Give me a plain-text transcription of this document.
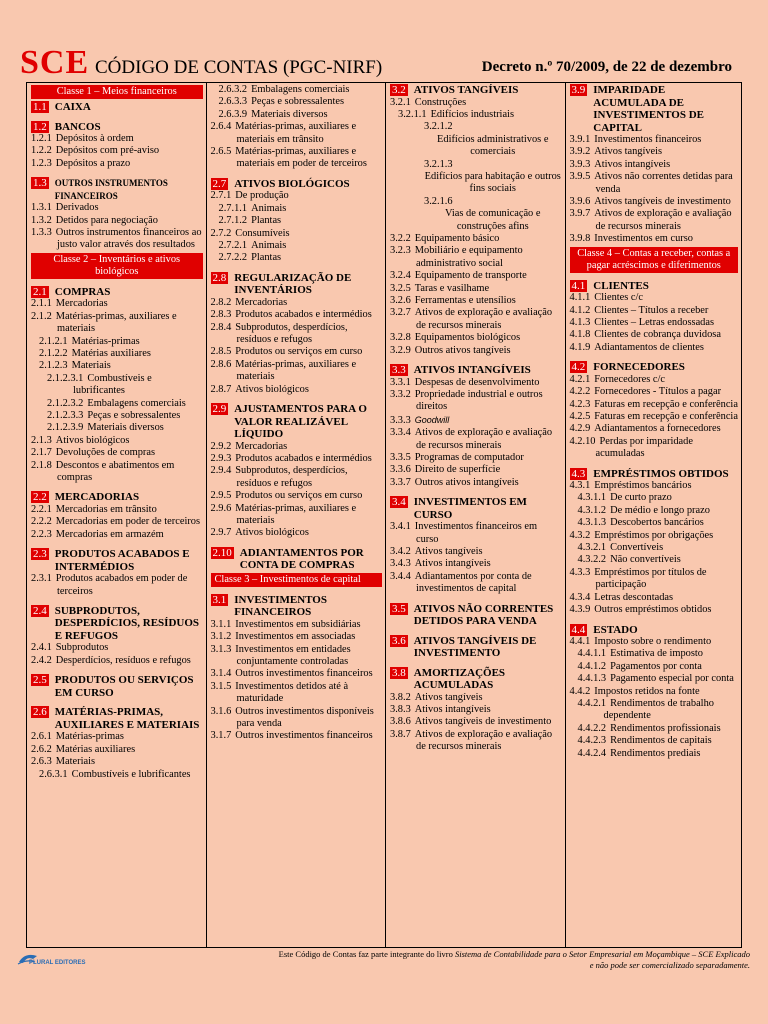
SCE CÓDIGO DE CONTAS (PGC-NIRF)	Decreto n.º 70/2009, de 22 de dezembro
Classe 1 – Meios financeiros
1.1 CAIXA
1.2 BANCOS
1.2.1 Depósitos à ordem
1.2.2 Depósitos com pré-aviso
1.2.3 Depósitos a prazo
1.3 OUTROS INSTRUMENTOS FINANCEIROS
1.3.1 Derivados
1.3.2 Detidos para negociação
1.3.3 Outros instrumentos financeiros ao justo valor através dos resultados
Classe 2 – Inventários e ativos biológicos
2.1 COMPRAS
2.1.1 Mercadorias
2.1.2 Matérias-primas, auxiliares e materiais
2.1.2.1 Matérias-primas
2.1.2.2 Matérias auxiliares
2.1.2.3 Materiais
2.1.2.3.1 Combustíveis e lubrificantes
2.1.2.3.2 Embalagens comerciais
2.1.2.3.3 Peças e sobressalentes
2.1.2.3.9 Materiais diversos
2.1.3 Ativos biológicos
2.1.7 Devoluções de compras
2.1.8 Descontos e abatimentos em compras
2.2 MERCADORIAS
2.2.1 Mercadorias em trânsito
2.2.2 Mercadorias em poder de terceiros
2.2.3 Mercadorias em armazém
2.3 PRODUTOS ACABADOS E INTERMÉDIOS
2.3.1 Produtos acabados em poder de terceiros
2.4 SUBPRODUTOS, DESPERDÍCIOS, RESÍDUOS E REFUGOS
2.4.1 Subprodutos
2.4.2 Desperdícios, resíduos e refugos
2.5 PRODUTOS OU SERVIÇOS EM CURSO
2.6 MATÉRIAS-PRIMAS, AUXILIARES E MATERIAIS
2.6.1 Matérias-primas
2.6.2 Matérias auxiliares
2.6.3 Materiais
2.6.3.1 Combustíveis e lubrificantes
2.6.3.2 Embalagens comerciais
2.6.3.3 Peças e sobressalentes
2.6.3.9 Materiais diversos
2.6.4 Matérias-primas, auxiliares e materiais em trânsito
2.6.5 Matérias-primas, auxiliares e materiais em poder de terceiros
2.7 ATIVOS BIOLÓGICOS
2.7.1 De produção
2.7.1.1 Animais
2.7.1.2 Plantas
2.7.2 Consumíveis
2.7.2.1 Animais
2.7.2.2 Plantas
2.8 REGULARIZAÇÃO DE INVENTÁRIOS
2.8.2 Mercadorias
2.8.3 Produtos acabados e intermédios
2.8.4 Subprodutos, desperdícios, resíduos e refugos
2.8.5 Produtos ou serviços em curso
2.8.6 Matérias-primas, auxiliares e materiais
2.8.7 Ativos biológicos
2.9 AJUSTAMENTOS PARA O VALOR REALIZÁVEL LÍQUIDO
2.9.2 Mercadorias
2.9.3 Produtos acabados e intermédios
2.9.4 Subprodutos, desperdícios, resíduos e refugos
2.9.5 Produtos ou serviços em curso
2.9.6 Matérias-primas, auxiliares e materiais
2.9.7 Ativos biológicos
2.10 ADIANTAMENTOS POR CONTA DE COMPRAS
Classe 3 – Investimentos de capital
3.1 INVESTIMENTOS FINANCEIROS
3.1.1 Investimentos em subsidiárias
3.1.2 Investimentos em associadas
3.1.3 Investimentos em entidades conjuntamente controladas
3.1.4 Outros investimentos financeiros
3.1.5 Investimentos detidos até à maturidade
3.1.6 Outros investimentos disponíveis para venda
3.1.7 Outros investimentos financeiros
3.2 ATIVOS TANGÍVEIS
3.2.1 Construções
3.2.1.1 Edifícios industriais
3.2.1.2
Edifícios administrativos e comerciais
3.2.1.3
Edifícios para habitação e outros fins sociais
3.2.1.6
Vias de comunicação e construções afins
3.2.2 Equipamento básico
3.2.3 Mobiliário e equipamento administrativo social
3.2.4 Equipamento de transporte
3.2.5 Taras e vasilhame
3.2.6 Ferramentas e utensílios
3.2.7 Ativos de exploração e avaliação de recursos minerais
3.2.8 Equipamentos biológicos
3.2.9 Outros ativos tangíveis
3.3 ATIVOS INTANGÍVEIS
3.3.1 Despesas de desenvolvimento
3.3.2 Propriedade industrial e outros direitos
3.3.3 Goodwill
3.3.4 Ativos de exploração e avaliação de recursos minerais
3.3.5 Programas de computador
3.3.6 Direito de superfície
3.3.7 Outros ativos intangíveis
3.4 INVESTIMENTOS EM CURSO
3.4.1 Investimentos financeiros em curso
3.4.2 Ativos tangíveis
3.4.3 Ativos intangíveis
3.4.4 Adiantamentos por conta de investimentos de capital
3.5 ATIVOS NÃO CORRENTES DETIDOS PARA VENDA
3.6 ATIVOS TANGÍVEIS DE INVESTIMENTO
3.8 AMORTIZAÇÕES ACUMULADAS
3.8.2 Ativos tangíveis
3.8.3 Ativos intangíveis
3.8.6 Ativos tangíveis de investimento
3.8.7 Ativos de exploração e avaliação de recursos minerais
3.9 IMPARIDADE ACUMULADA DE INVESTIMENTOS DE CAPITAL
3.9.1 Investimentos financeiros
3.9.2 Ativos tangíveis
3.9.3 Ativos intangíveis
3.9.5 Ativos não correntes detidas para venda
3.9.6 Ativos tangíveis de investimento
3.9.7 Ativos de exploração e avaliação de recursos minerais
3.9.8 Investimentos em curso
Classe 4 – Contas a receber, contas a pagar acréscimos e diferimentos
4.1 CLIENTES
4.1.1 Clientes c/c
4.1.2 Clientes – Títulos a receber
4.1.3 Clientes – Letras endossadas
4.1.8 Clientes de cobrança duvidosa
4.1.9 Adiantamentos de clientes
4.2 FORNECEDORES
4.2.1 Fornecedores c/c
4.2.2 Fornecedores - Títulos a pagar
4.2.3 Faturas em recepção e conferência
4.2.5 Faturas em recepção e conferência
4.2.9 Adiantamentos a fornecedores
4.2.10 Perdas por imparidade acumuladas
4.3 EMPRÉSTIMOS OBTIDOS
4.3.1 Empréstimos bancários
4.3.1.1 De curto prazo
4.3.1.2 De médio e longo prazo
4.3.1.3 Descobertos bancários
4.3.2 Empréstimos por obrigações
4.3.2.1 Convertíveis
4.3.2.2 Não convertíveis
4.3.3 Empréstimos por títulos de participação
4.3.4 Letras descontadas
4.3.9 Outros empréstimos obtidos
4.4 ESTADO
4.4.1 Imposto sobre o rendimento
4.4.1.1 Estimativa de imposto
4.4.1.2 Pagamentos por conta
4.4.1.3 Pagamento especial por conta
4.4.2 Impostos retidos na fonte
4.4.2.1 Rendimentos de trabalho dependente
4.4.2.2 Rendimentos profissionais
4.4.2.3 Rendimentos de capitais
4.4.2.4 Rendimentos prediais
PLURAL EDITORES
Este Código de Contas faz parte integrante do livro Sistema de Contabilidade para o Setor Empresarial em Moçambique – SCE Explicado
e não pode ser comercializado separadamente.
